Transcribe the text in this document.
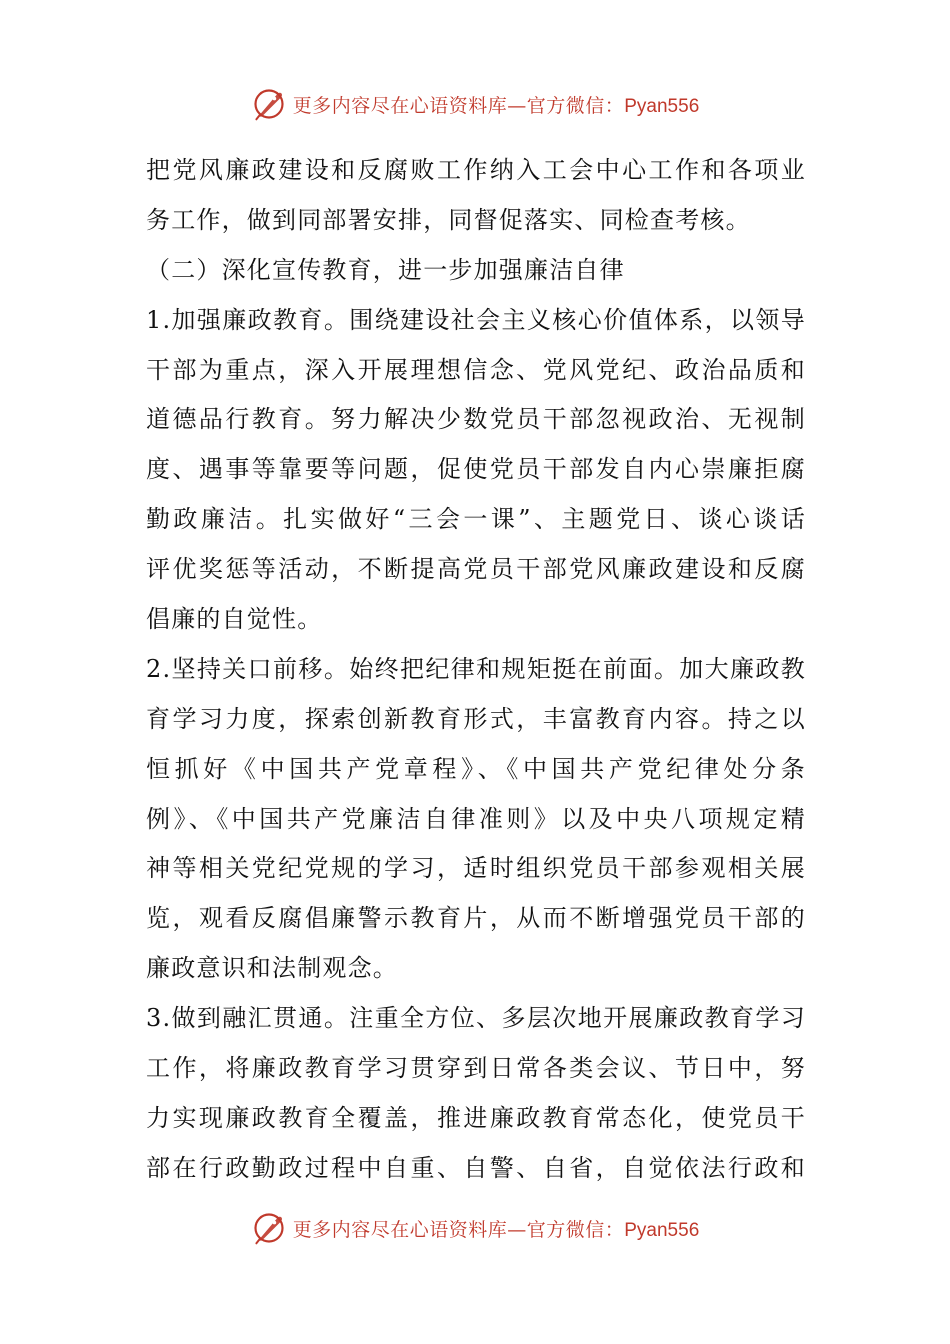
更多内容尽在心语资料库—官方微信：Pyan556
把党风廉政建设和反腐败工作纳入工会中心工作和各项业
务工作，做到同部署安排，同督促落实、同检查考核。
（二）深化宣传教育，进一步加强廉洁自律
1.加强廉政教育。围绕建设社会主义核心价值体系，以领导
干部为重点，深入开展理想信念、党风党纪、政治品质和
道德品行教育。努力解决少数党员干部忽视政治、无视制
度、遇事等靠要等问题，促使党员干部发自内心崇廉拒腐
勤政廉洁。扎实做好“三会一课”、主题党日、谈心谈话
评优奖惩等活动，不断提高党员干部党风廉政建设和反腐
倡廉的自觉性。
2.坚持关口前移。始终把纪律和规矩挺在前面。加大廉政教
育学习力度，探索创新教育形式，丰富教育内容。持之以
恒抓好《中国共产党章程》、《中国共产党纪律处分条
例》、《中国共产党廉洁自律准则》以及中央八项规定精
神等相关党纪党规的学习，适时组织党员干部参观相关展
览，观看反腐倡廉警示教育片，从而不断增强党员干部的
廉政意识和法制观念。
3.做到融汇贯通。注重全方位、多层次地开展廉政教育学习
工作，将廉政教育学习贯穿到日常各类会议、节日中，努
力实现廉政教育全覆盖，推进廉政教育常态化，使党员干
部在行政勤政过程中自重、自警、自省，自觉依法行政和
更多内容尽在心语资料库—官方微信：Pyan556
